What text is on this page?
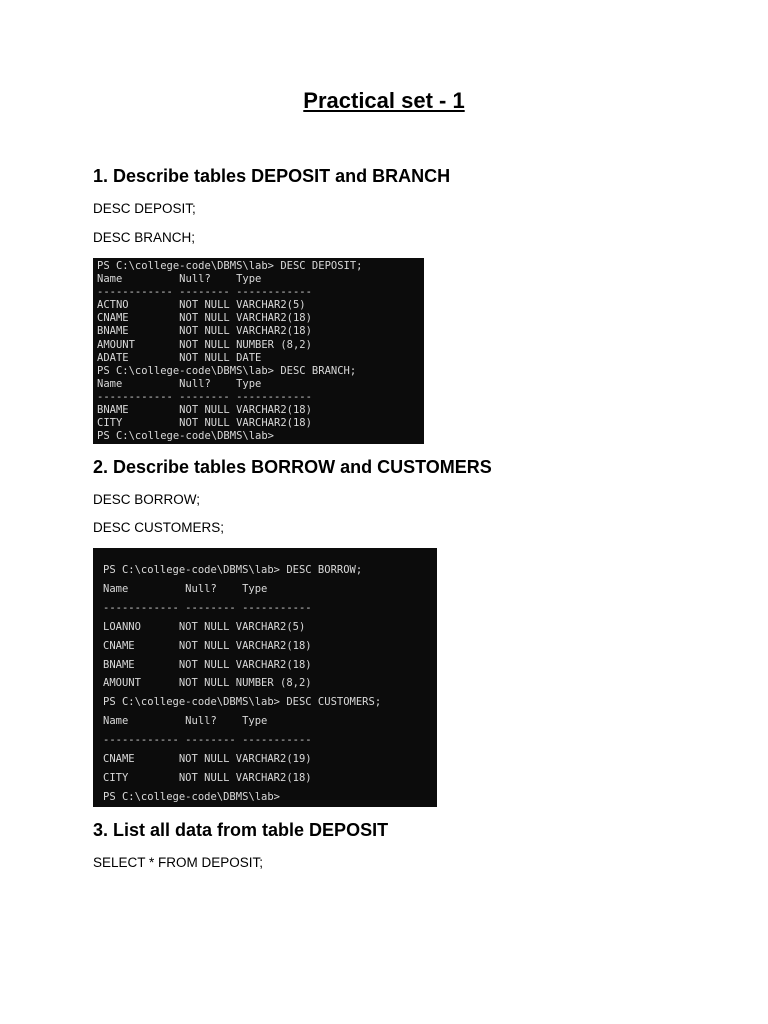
Practical set - 1
1. Describe tables DEPOSIT and BRANCH

DESC DEPOSIT;

DESC BRANCH;

PS C:\college-code\DBMS\lab> DESC DEPOSIT;
Name         Null?    Type
------------ -------- ------------
ACTNO        NOT NULL VARCHAR2(5)
CNAME        NOT NULL VARCHAR2(18)
BNAME        NOT NULL VARCHAR2(18)
AMOUNT       NOT NULL NUMBER (8,2)
ADATE        NOT NULL DATE
PS C:\college-code\DBMS\lab> DESC BRANCH;
Name         Null?    Type
------------ -------- ------------
BNAME        NOT NULL VARCHAR2(18)
CITY         NOT NULL VARCHAR2(18)
PS C:\college-code\DBMS\lab>
2. Describe tables BORROW and CUSTOMERS

DESC BORROW;

DESC CUSTOMERS;

PS C:\college-code\DBMS\lab> DESC BORROW;
Name         Null?    Type
------------ -------- -----------
LOANNO      NOT NULL VARCHAR2(5)
CNAME       NOT NULL VARCHAR2(18)
BNAME       NOT NULL VARCHAR2(18)
AMOUNT      NOT NULL NUMBER (8,2)
PS C:\college-code\DBMS\lab> DESC CUSTOMERS;
Name         Null?    Type
------------ -------- -----------
CNAME       NOT NULL VARCHAR2(19)
CITY        NOT NULL VARCHAR2(18)
PS C:\college-code\DBMS\lab>
3. List all data from table DEPOSIT

SELECT * FROM DEPOSIT;
